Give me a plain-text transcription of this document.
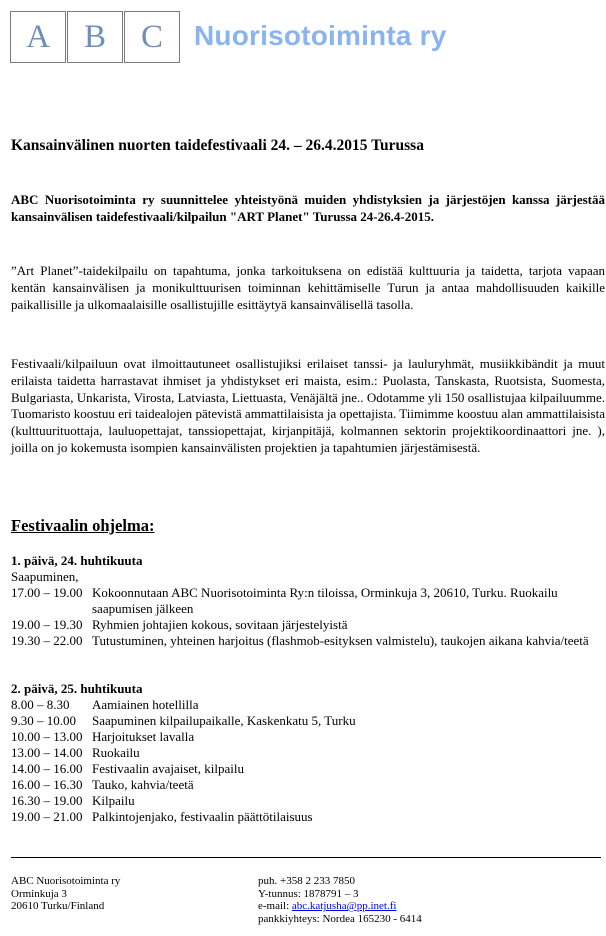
A	B	C	Nuorisotoiminta ry
Kansainvälinen nuorten taidefestivaali 24. – 26.4.2015 Turussa
ABC Nuorisotoiminta ry suunnittelee yhteistyönä muiden yhdistyksien ja järjestöjen kanssa järjestää kansainvälisen taidefestivaali/kilpailun "ART Planet" Turussa 24-26.4-2015.
”Art Planet”-taidekilpailu on tapahtuma, jonka tarkoituksena on edistää kulttuuria ja taidetta, tarjota vapaan kentän kansainvälisen ja monikulttuurisen toiminnan kehittämiselle Turun ja antaa mahdollisuuden kaikille paikallisille ja ulkomaalaisille osallistujille esittäytyä kansainvälisellä tasolla.
Festivaali/kilpailuun ovat ilmoittautuneet osallistujiksi erilaiset tanssi- ja lauluryhmät, musiikkibändit ja muut erilaista taidetta harrastavat ihmiset ja yhdistykset eri maista, esim.: Puolasta, Tanskasta, Ruotsista, Suomesta, Bulgariasta, Unkarista, Virosta, Latviasta, Liettuasta, Venäjältä jne.. Odotamme yli 150 osallistujaa kilpailuumme. Tuomaristo koostuu eri taidealojen pätevistä ammattilaisista ja opettajista. Tiimimme koostuu alan ammattilaisista (kulttuurituottaja, lauluopettajat, tanssiopettajat, kirjanpitäjä, kolmannen sektorin projektikoordinaattori jne. ), joilla on jo kokemusta isompien kansainvälisten projektien ja tapahtumien järjestämisestä.
Festivaalin ohjelma:
1. päivä, 24. huhtikuuta
Saapuminen,
17.00 – 19.00 Kokoonnutaan ABC Nuorisotoiminta Ry:n tiloissa, Orminkuja 3, 20610, Turku. Ruokailu saapumisen jälkeen
19.00 – 19.30 Ryhmien johtajien kokous, sovitaan järjestelyistä
19.30 – 22.00 Tutustuminen, yhteinen harjoitus (flashmob-esityksen valmistelu), taukojen aikana kahvia/teetä
2. päivä, 25. huhtikuuta
8.00 – 8.30	Aamiainen hotellilla
9.30 – 10.00	Saapuminen kilpailupaikalle, Kaskenkatu 5, Turku
10.00 – 13.00 Harjoitukset lavalla
13.00 – 14.00 Ruokailu
14.00 – 16.00 Festivaalin avajaiset, kilpailu
16.00 – 16.30 Tauko, kahvia/teetä
16.30 – 19.00 Kilpailu
19.00 – 21.00 Palkintojenjako, festivaalin päättötilaisuus
ABC Nuorisotoiminta ry
Orminkuja 3
20610 Turku/Finland
puh. +358 2 233 7850
Y-tunnus: 1878791 – 3
e-mail: abc.katjusha@pp.inet.fi
pankkiyhteys: Nordea 165230 - 6414
